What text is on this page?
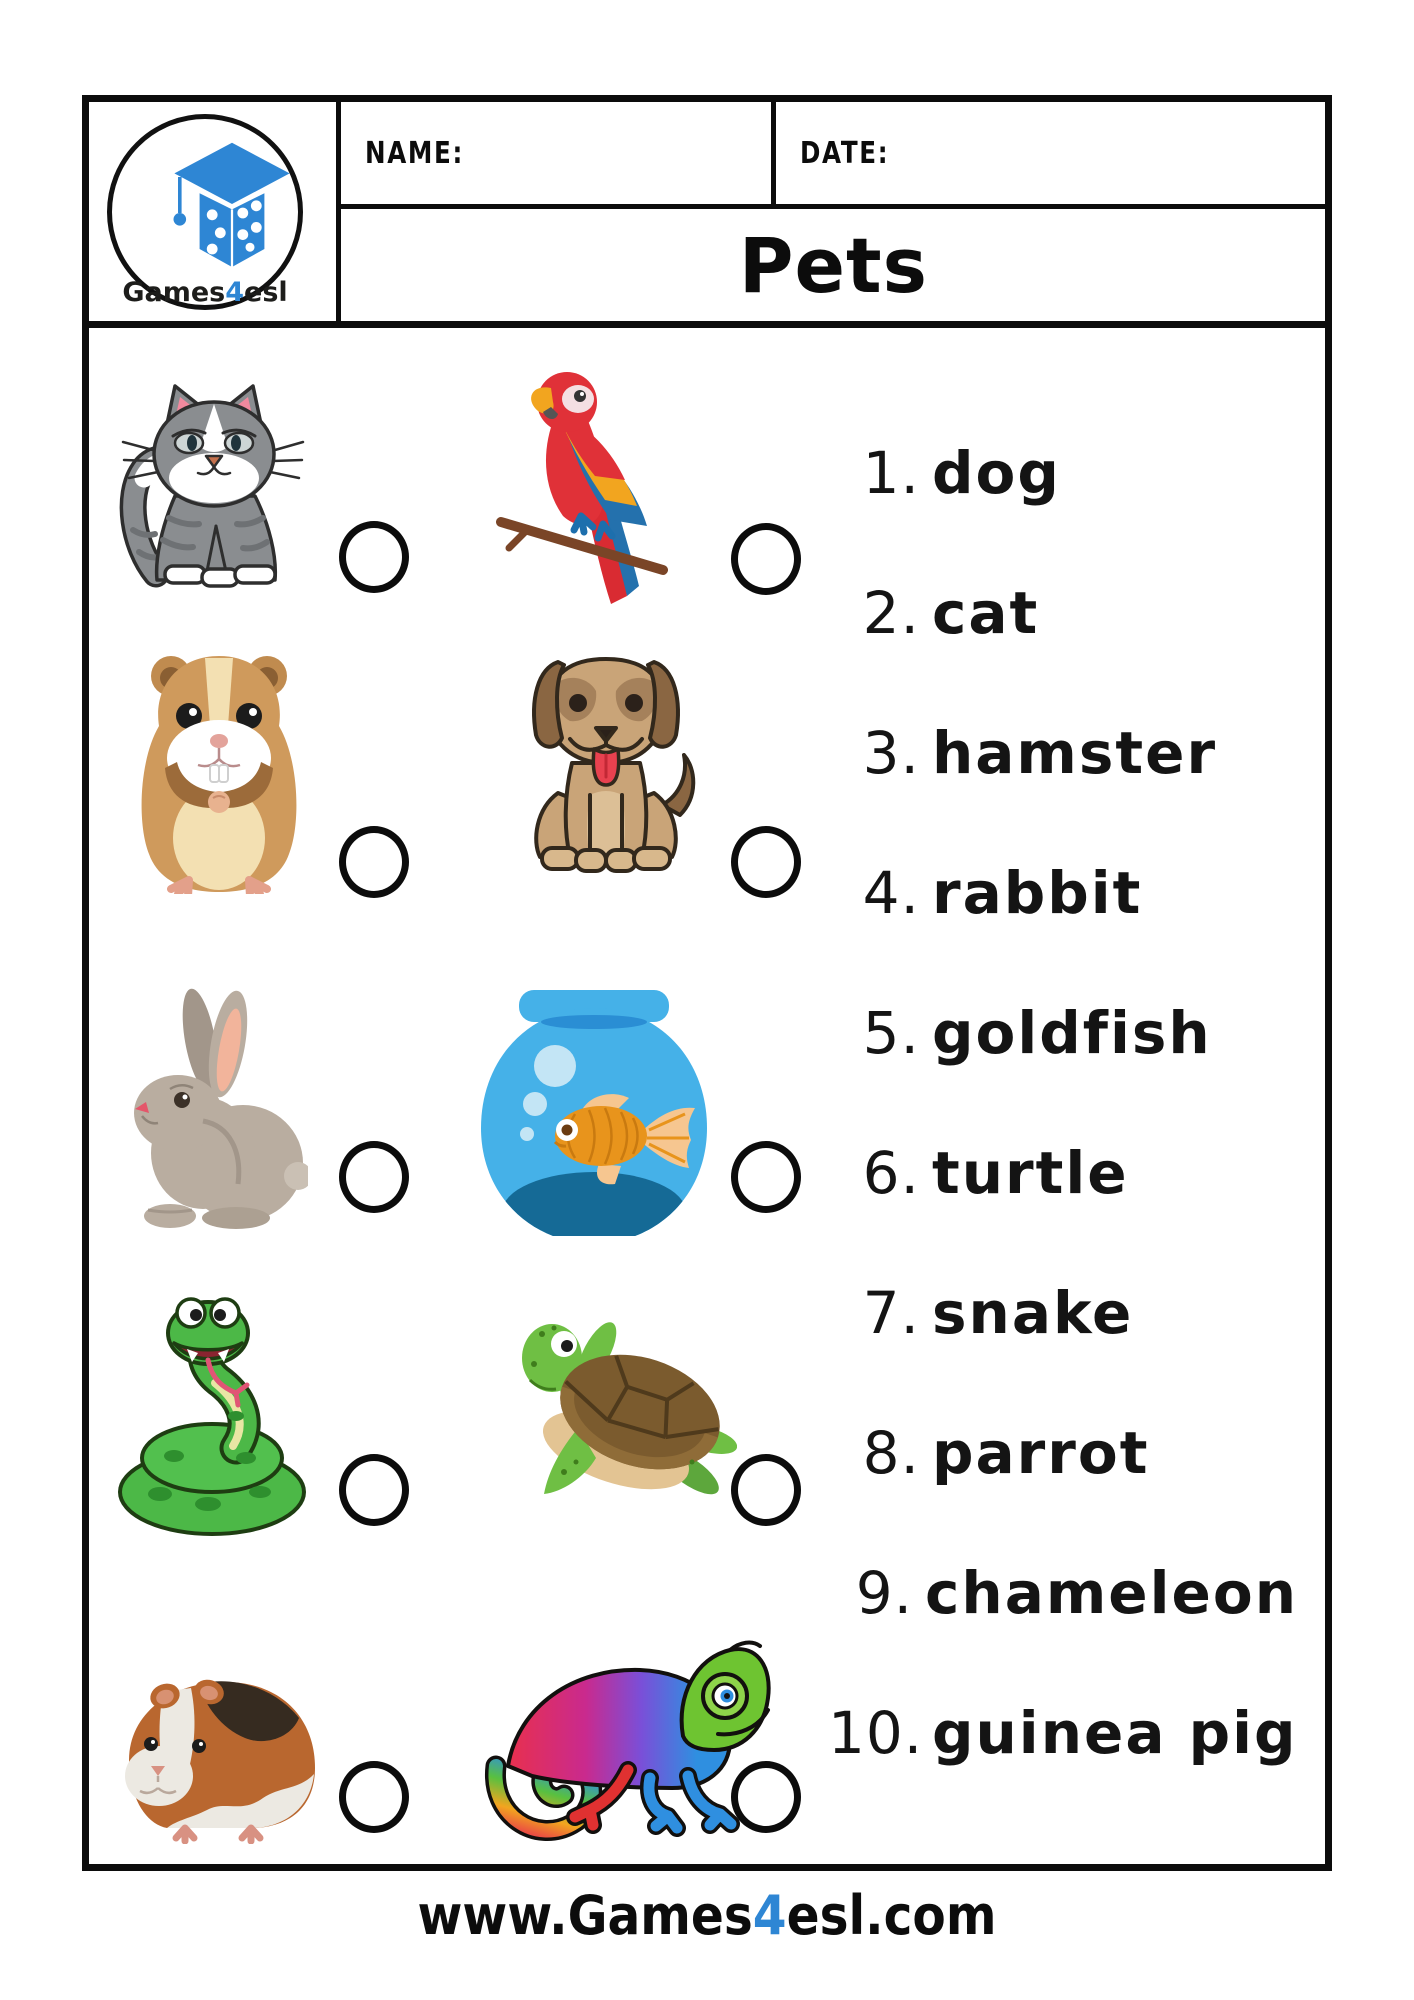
Games4esl
NAME:	DATE:
Pets
1. dog
2. cat
3. hamster
4. rabbit
5. goldfish
6. turtle
7. snake
8. parrot
9. chameleon
10. guinea pig
www.Games4esl.com
